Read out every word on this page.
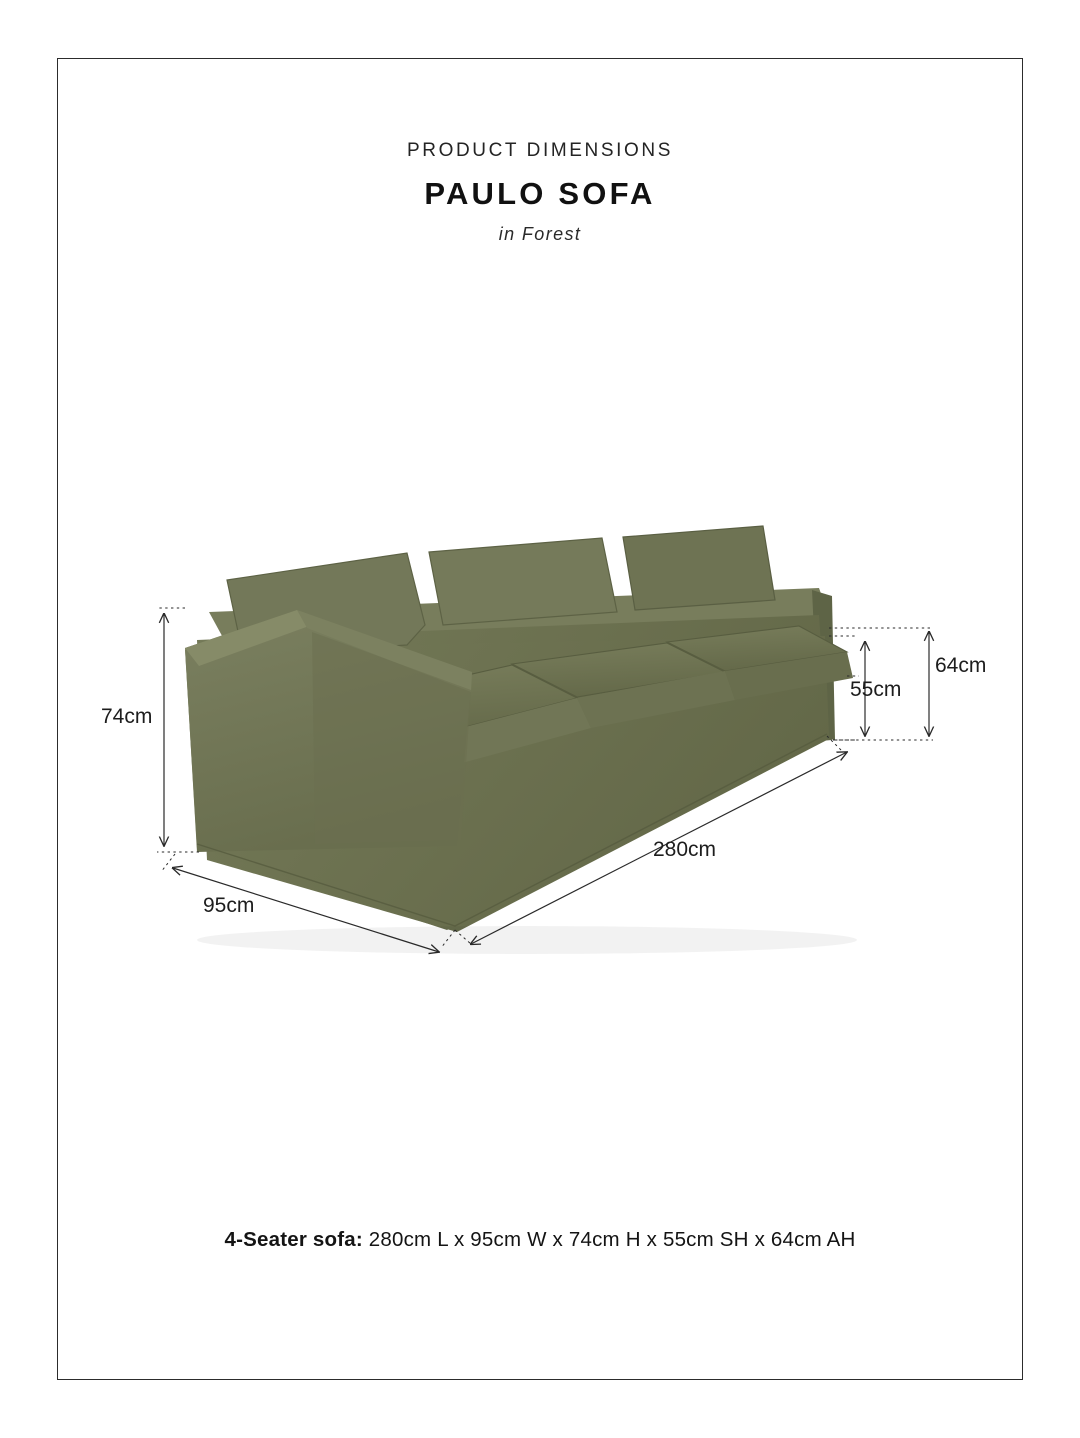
PRODUCT DIMENSIONS

PAULO SOFA

in Forest

74cm
95cm
280cm
55cm
64cm
4-Seater sofa: 280cm L x 95cm W x 74cm H x 55cm SH x 64cm AH
